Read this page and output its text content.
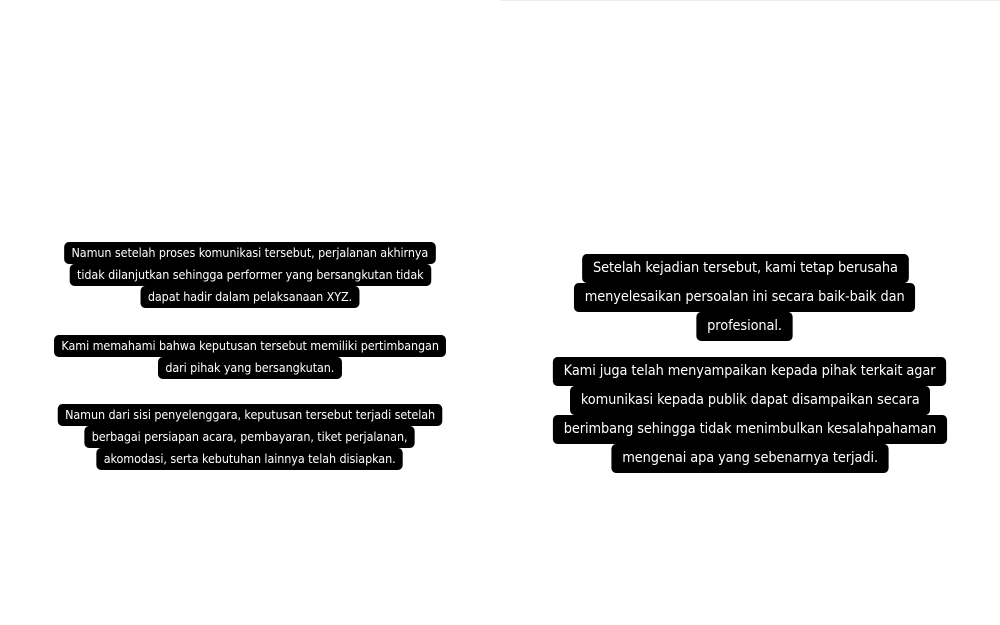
Namun setelah proses komunikasi tersebut, perjalanan akhirnya
tidak dilanjutkan sehingga performer yang bersangkutan tidak
dapat hadir dalam pelaksanaan XYZ.
Kami memahami bahwa keputusan tersebut memiliki pertimbangan
dari pihak yang bersangkutan.
Namun dari sisi penyelenggara, keputusan tersebut terjadi setelah
berbagai persiapan acara, pembayaran, tiket perjalanan,
akomodasi, serta kebutuhan lainnya telah disiapkan.
Setelah kejadian tersebut, kami tetap berusaha
menyelesaikan persoalan ini secara baik-baik dan
profesional.
Kami juga telah menyampaikan kepada pihak terkait agar
komunikasi kepada publik dapat disampaikan secara
berimbang sehingga tidak menimbulkan kesalahpahaman
mengenai apa yang sebenarnya terjadi.
